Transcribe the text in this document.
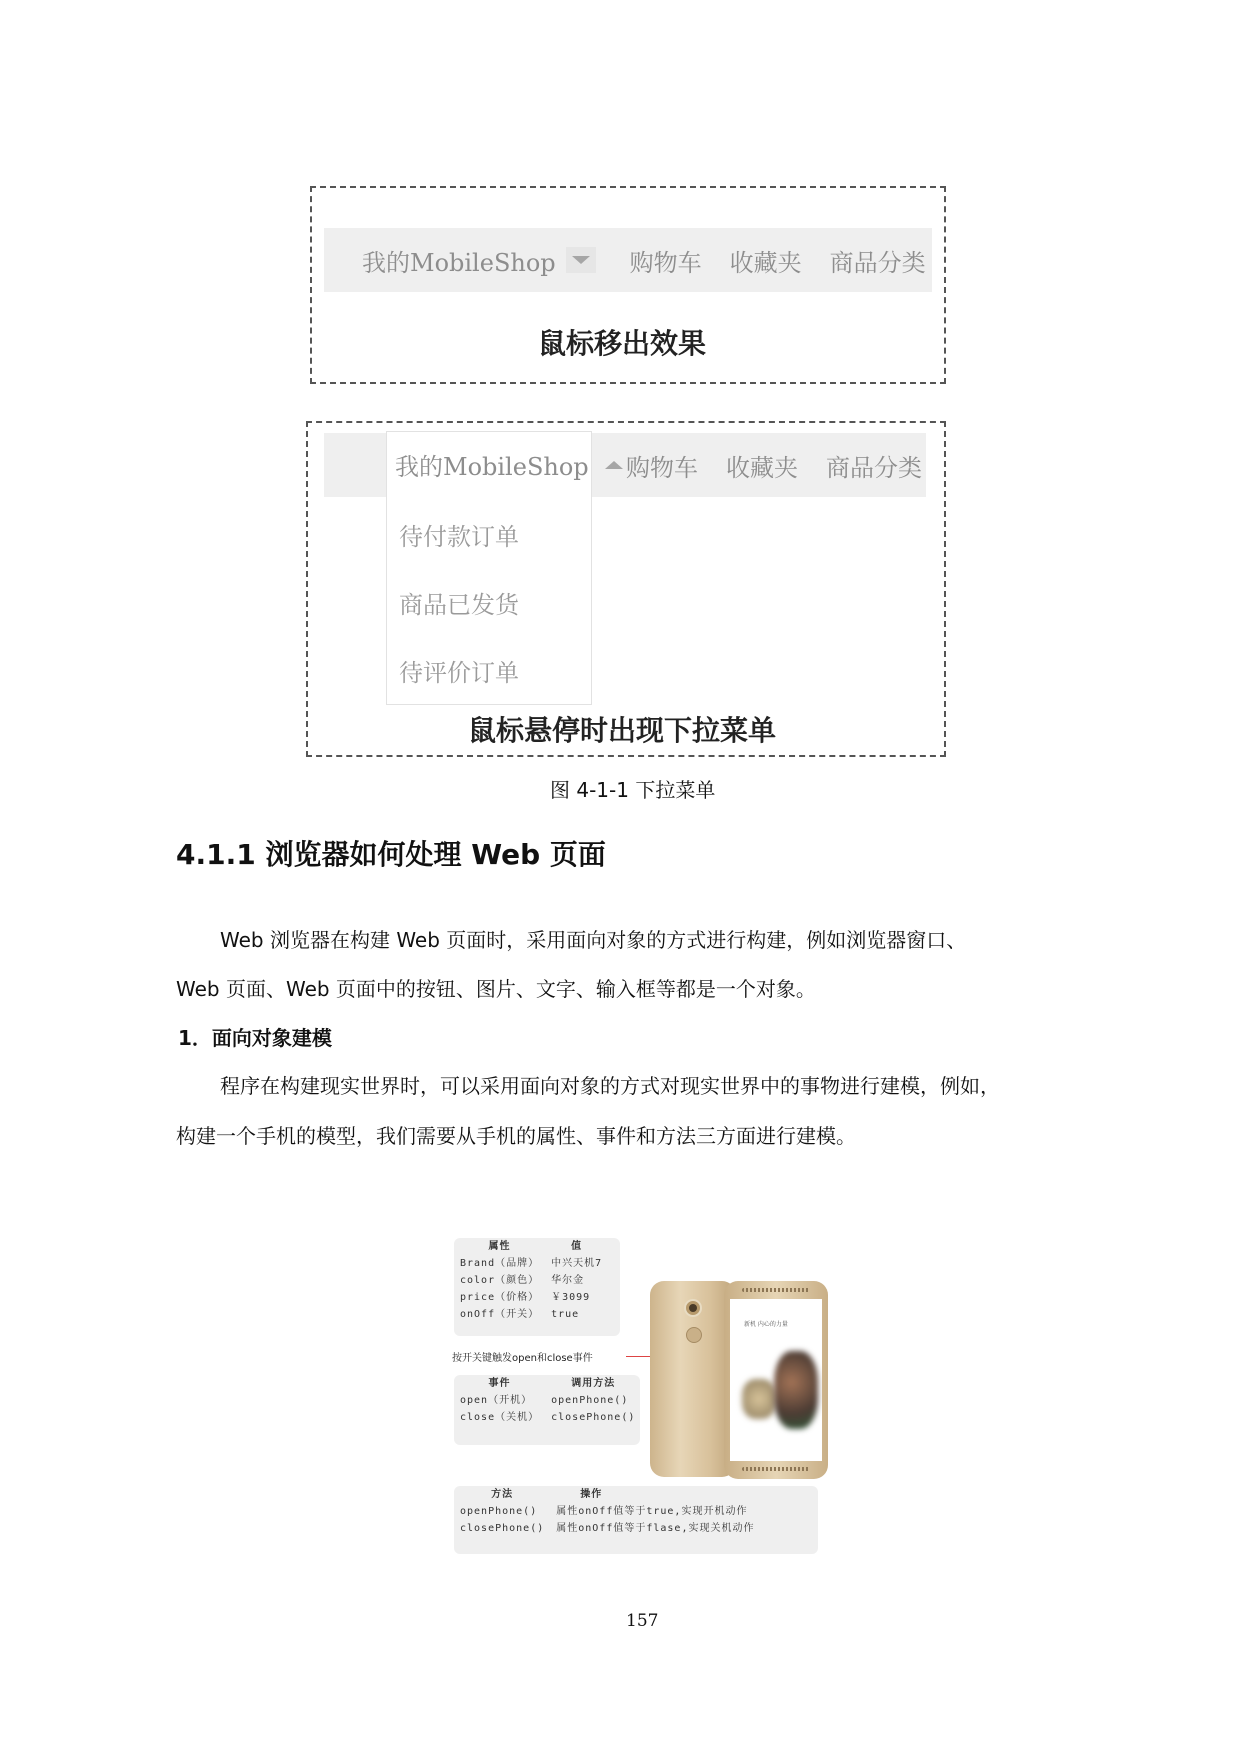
我的MobileShop	购物车 收藏夹 商品分类
鼠标移出效果
购物车 收藏夹 商品分类
我的MobileShop
待付款订单
商品已发货
待评价订单
鼠标悬停时出现下拉菜单
图 4-1-1 下拉菜单
4.1.1 浏览器如何处理 Web 页面
Web 浏览器在构建 Web 页面时，采用面向对象的方式进行构建，例如浏览器窗口、
Web 页面、Web 页面中的按钮、图片、文字、输入框等都是一个对象。
1．面向对象建模
程序在构建现实世界时，可以采用面向对象的方式对现实世界中的事物进行建模，例如，
构建一个手机的模型，我们需要从手机的属性、事件和方法三方面进行建模。
属性	值
Brand（品牌）	中兴天机7
color（颜色）	华尔金
price（价格）	￥3099
onOff（开关）	true
按开关键触发open和close事件
事件	调用方法
open（开机）	openPhone()
close（关机）	closePhone()
新机 内心的力量
方法	操作
openPhone()	属性onOff值等于true,实现开机动作
closePhone()	属性onOff值等于flase,实现关机动作
157
